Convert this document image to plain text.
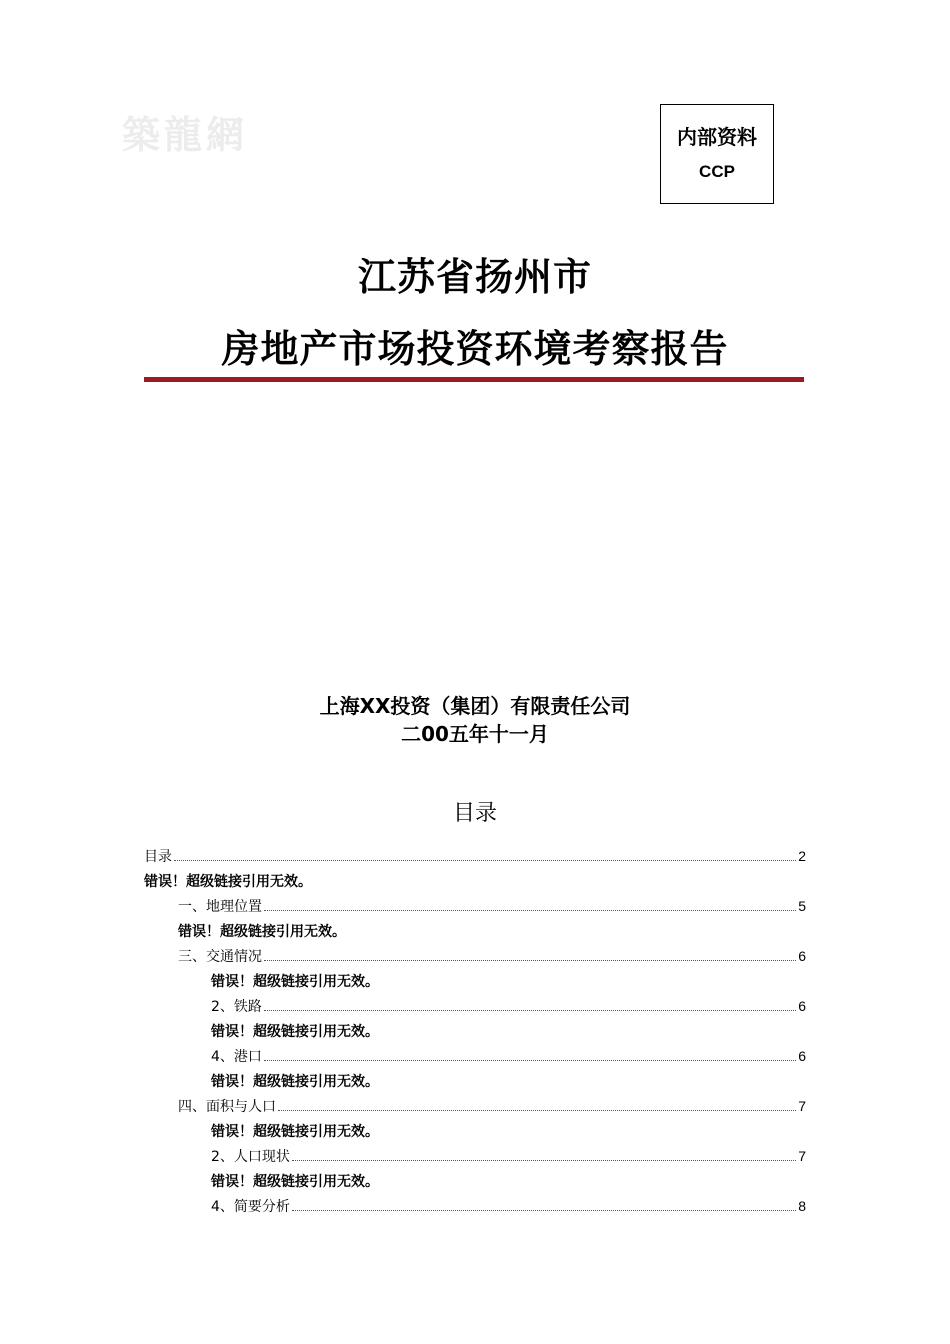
築龍網	内部资料
CCP
江苏省扬州市
房地产市场投资环境考察报告
上海XX投资（集团）有限责任公司
二00五年十一月
目录
目录	2
错误！超级链接引用无效。
一、地理位置	5
错误！超级链接引用无效。
三、交通情况	6
错误！超级链接引用无效。
2、铁路	6
错误！超级链接引用无效。
4、港口	6
错误！超级链接引用无效。
四、面积与人口	7
错误！超级链接引用无效。
2、人口现状	7
错误！超级链接引用无效。
4、简要分析	8
